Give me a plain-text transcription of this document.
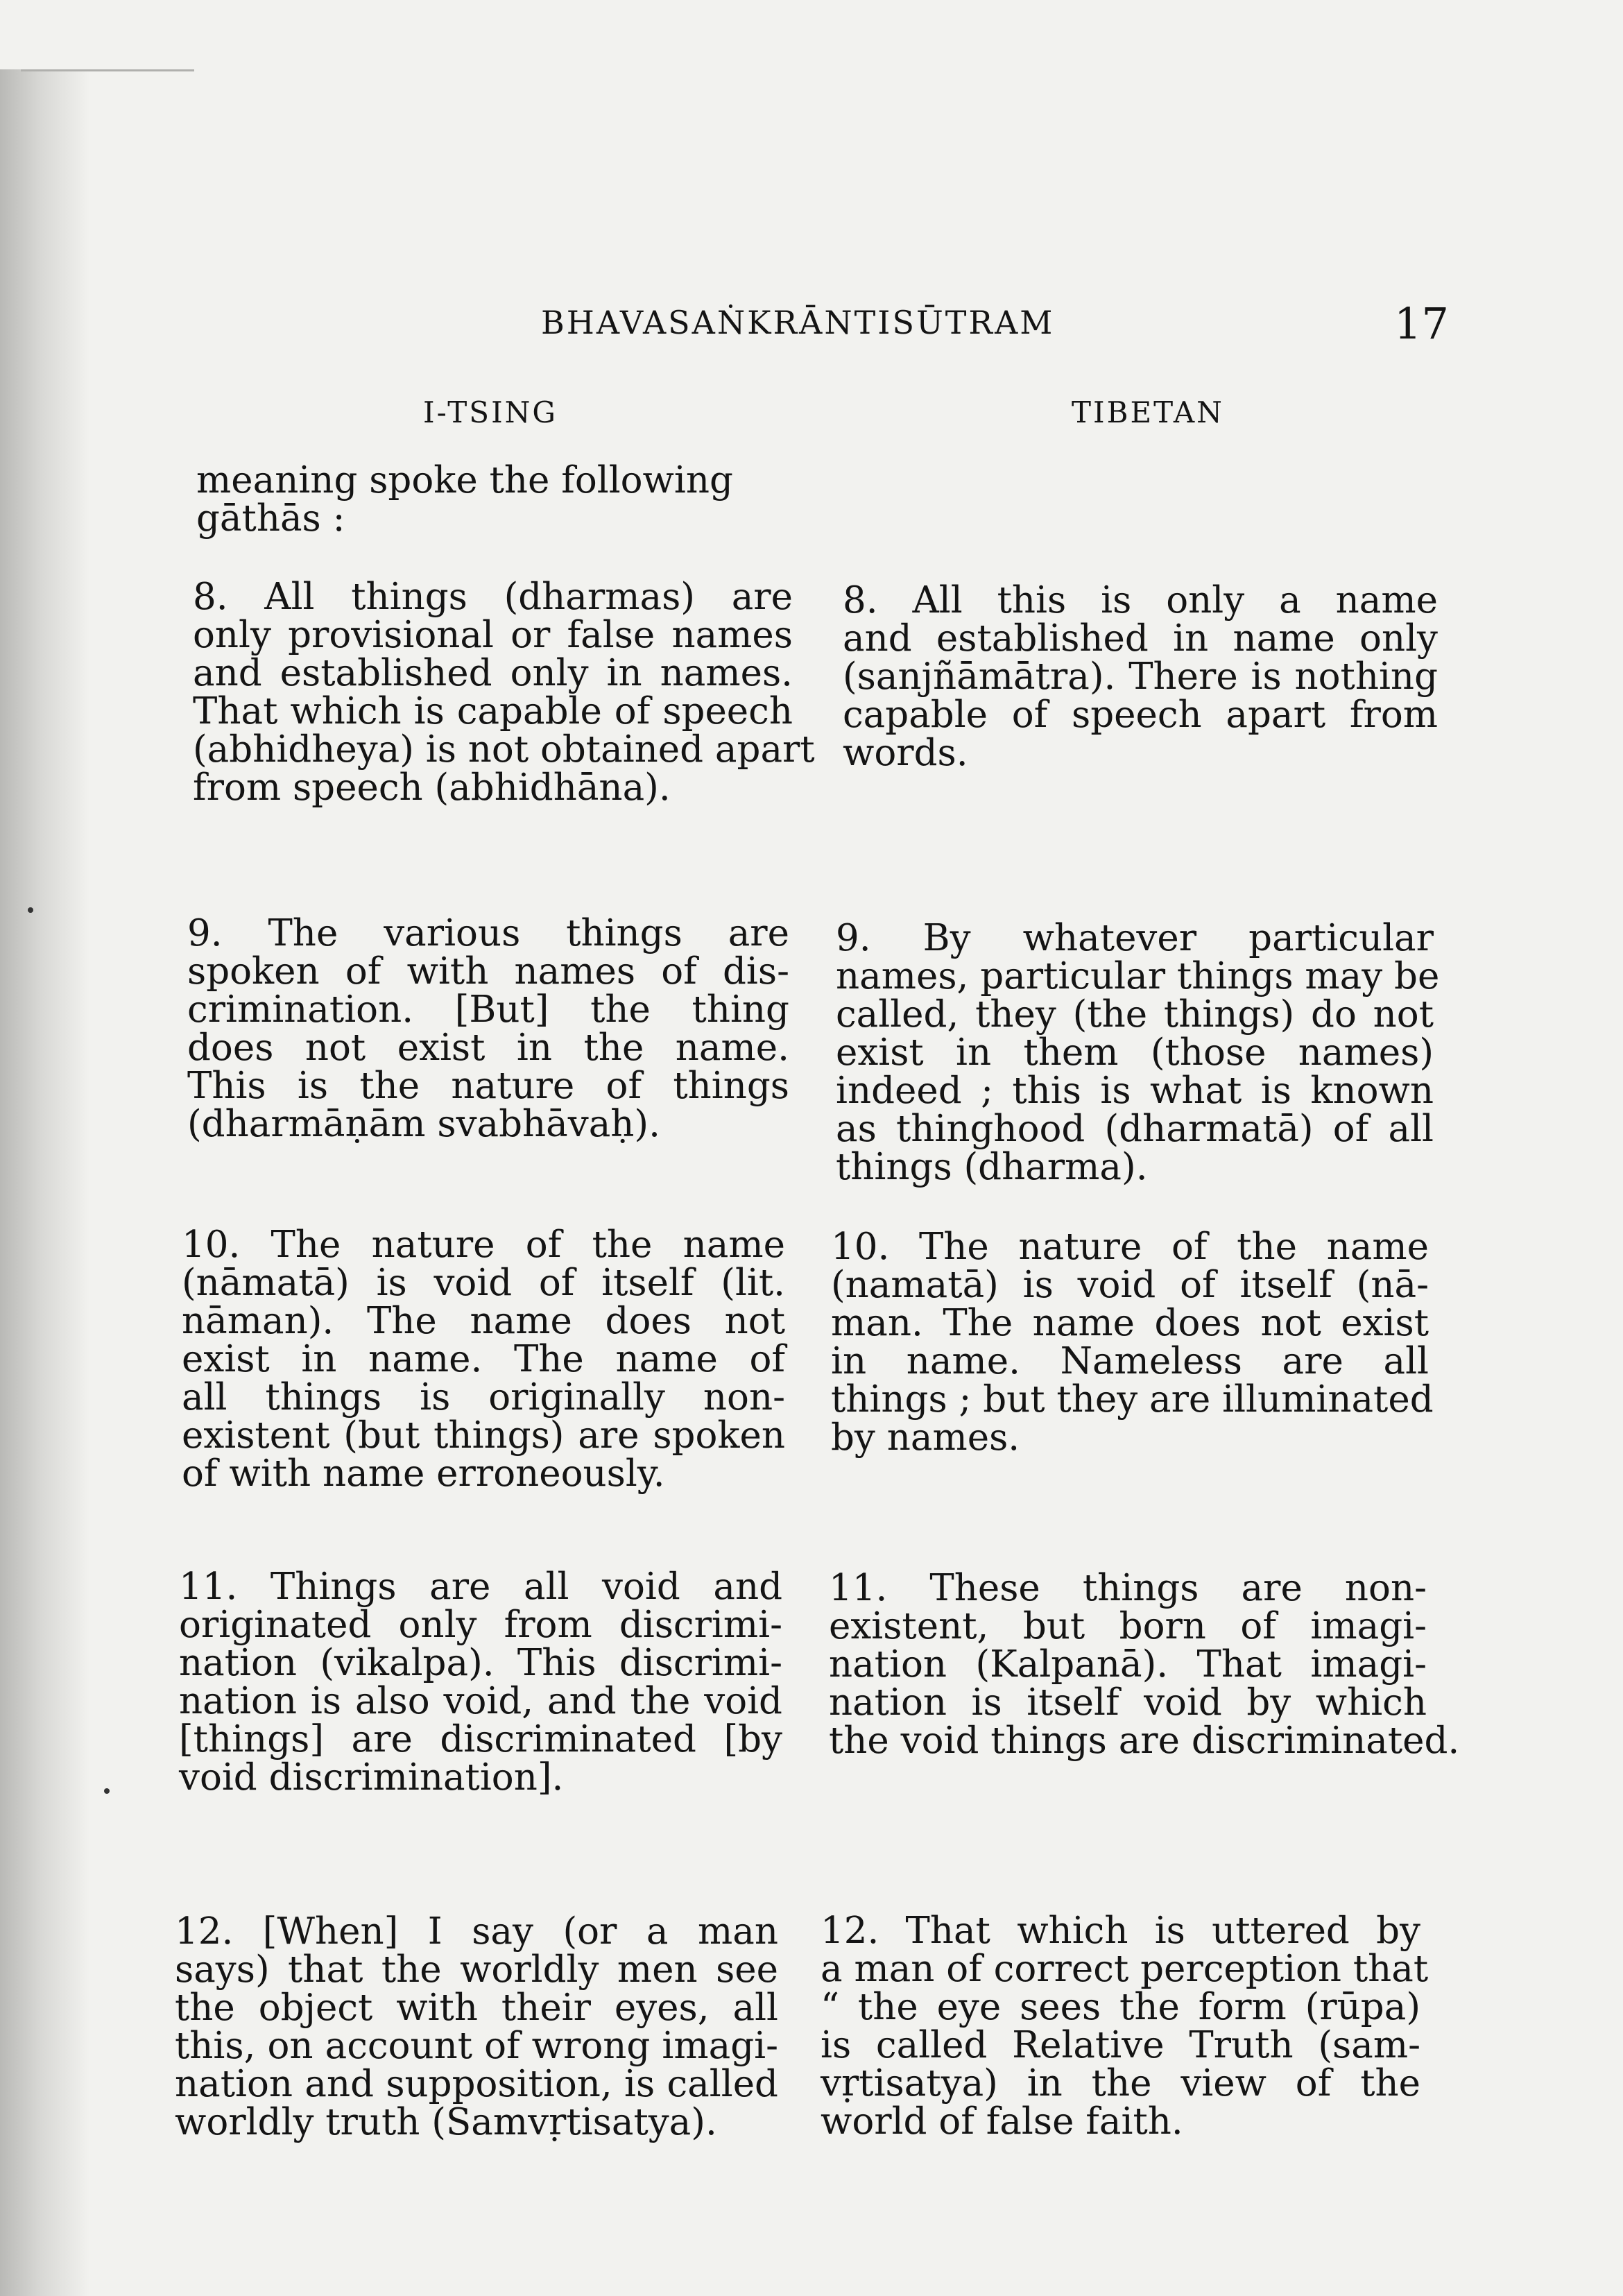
BHAVASAṄKRĀNTISŪTRAM	17
I-TSING	TIBETAN
meaning spoke the following
gāthās :
8. All things (dharmas) are
only provisional or false names
and established only in names.
That which is capable of speech
(abhidheya) is not obtained apart
from speech (abhidhāna).
9. The various things are
spoken of with names of dis-
crimination. [But] the thing
does not exist in the name.
This is the nature of things
(dharmāṇām svabhāvaḥ).
10. The nature of the name
(nāmatā) is void of itself (lit.
nāman). The name does not
exist in name. The name of
all things is originally non-
existent (but things) are spoken
of with name erroneously.
11. Things are all void and
originated only from discrimi-
nation (vikalpa). This discrimi-
nation is also void, and the void
[things] are discriminated [by
void discrimination].
12. [When] I say (or a man
says) that the worldly men see
the object with their eyes, all
this, on account of wrong imagi-
nation and supposition, is called
worldly truth (Samvṛtisatya).
8. All this is only a name
and established in name only
(sanjñāmātra). There is nothing
capable of speech apart from
words.
9. By whatever particular
names, particular things may be
called, they (the things) do not
exist in them (those names)
indeed ; this is what is known
as thinghood (dharmatā) of all
things (dharma).
10. The nature of the name
(namatā) is void of itself (nā-
man. The name does not exist
in name. Nameless are all
things ; but they are illuminated
by names.
11. These things are non-
existent, but born of imagi-
nation (Kalpanā). That imagi-
nation is itself void by which
the void things are discriminated.
12. That which is uttered by
a man of correct perception that
“ the eye sees the form (rūpa)
is called Relative Truth (sam-
vṛtisatya) in the view of the
world of false faith.
